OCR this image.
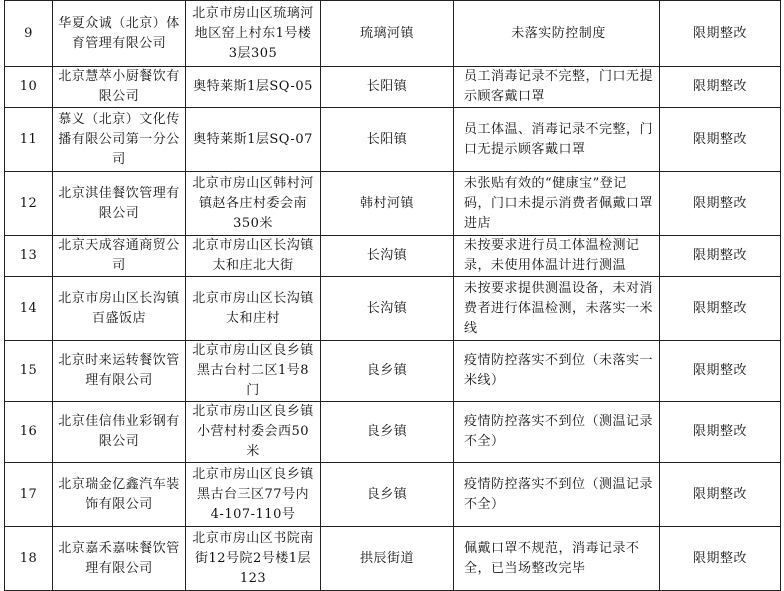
9	华夏众诚（北京）体育管理有限公司	北京市房山区琉璃河地区窑上村东1号楼3层305	琉璃河镇	未落实防控制度	限期整改
10	北京慧萃小厨餐饮有限公司	奥特莱斯1层SQ-05	长阳镇	员工消毒记录不完整，门口无提示顾客戴口罩	限期整改
11	慕义（北京）文化传播有限公司第一分公司	奥特莱斯1层SQ-07	长阳镇	员工体温、消毒记录不完整，门口无提示顾客戴口罩	限期整改
12	北京淇佳餐饮管理有限公司	北京市房山区韩村河镇赵各庄村委会南350米	韩村河镇	未张贴有效的“健康宝”登记码，门口未提示消费者佩戴口罩进店	限期整改
13	北京天成容通商贸公司	北京市房山区长沟镇太和庄北大街	长沟镇	未按要求进行员工体温检测记录，未使用体温计进行测温	限期整改
14	北京市房山区长沟镇百盛饭店	北京市房山区长沟镇太和庄村	长沟镇	未按要求提供测温设备，未对消费者进行体温检测，未落实一米线	限期整改
15	北京时来运转餐饮管理有限公司	北京市房山区良乡镇黑古台村二区1号8门	良乡镇	疫情防控落实不到位（未落实一米线）	限期整改
16	北京佳信伟业彩钢有限公司	北京市房山区良乡镇小营村村委会西50米	良乡镇	疫情防控落实不到位（测温记录不全）	限期整改
17	北京瑞金亿鑫汽车装饰有限公司	北京市房山区良乡镇黑古台三区77号内4-107-110号	良乡镇	疫情防控落实不到位（测温记录不全）	限期整改
18	北京嘉禾嘉味餐饮管理有限公司	北京市房山区书院南街12号院2号楼1层123	拱辰街道	佩戴口罩不规范，消毒记录不全，已当场整改完毕	限期整改
